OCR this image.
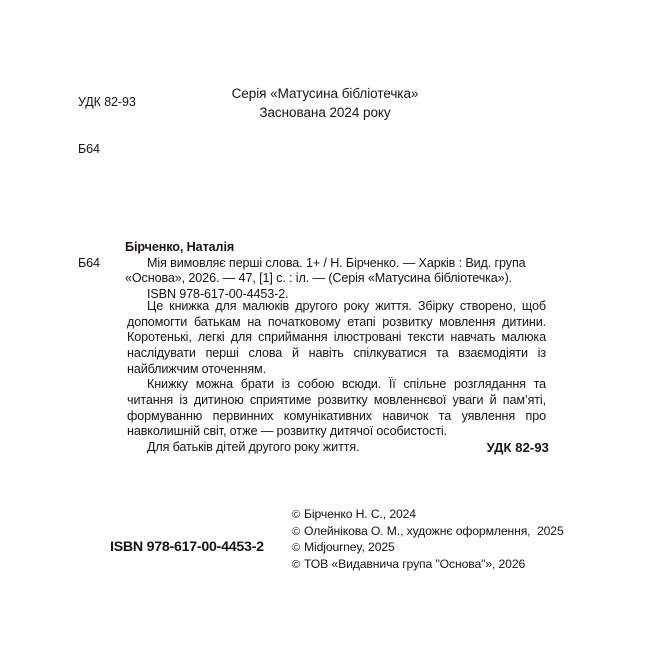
УДК 82-93

Б64

Серія «Матусина бібліотечка»
Заснована 2024 року
Б64
Бірченко, Наталія
Мія вимовляє перші слова. 1+ / Н. Бірченко. — Харків : Вид. група «Основа», 2026. — 47, [1] с. : іл. — (Серія «Матусина бібліотечка»).
ISBN 978-617-00-4453-2.

Це книжка для малюків другого року життя. Збірку створено, щоб допомогти батькам на початковому етапі розвитку мовлення дитини. Коротенькі, легкі для сприймання ілюстровані тексти навчать малюка наслідувати перші слова й навіть спілкуватися та взаємодіяти із найближчим оточенням.

Книжку можна брати із собою всюди. Її спільне розглядання та читання із дитиною сприятиме розвитку мовленнєвої уваги й пам’яті, формуванню первинних комунікативних навичок та уявлення про навколишній світ, отже — розвитку дитячої особистості.

Для батьків дітей другого року життя.	УДК 82-93
ISBN 978-617-00-4453-2
© Бірченко Н. С., 2024
© Олейнікова О. М., художнє оформлення,  2025
© Midjourney, 2025
© ТОВ «Видавнича група "Основа"», 2026
